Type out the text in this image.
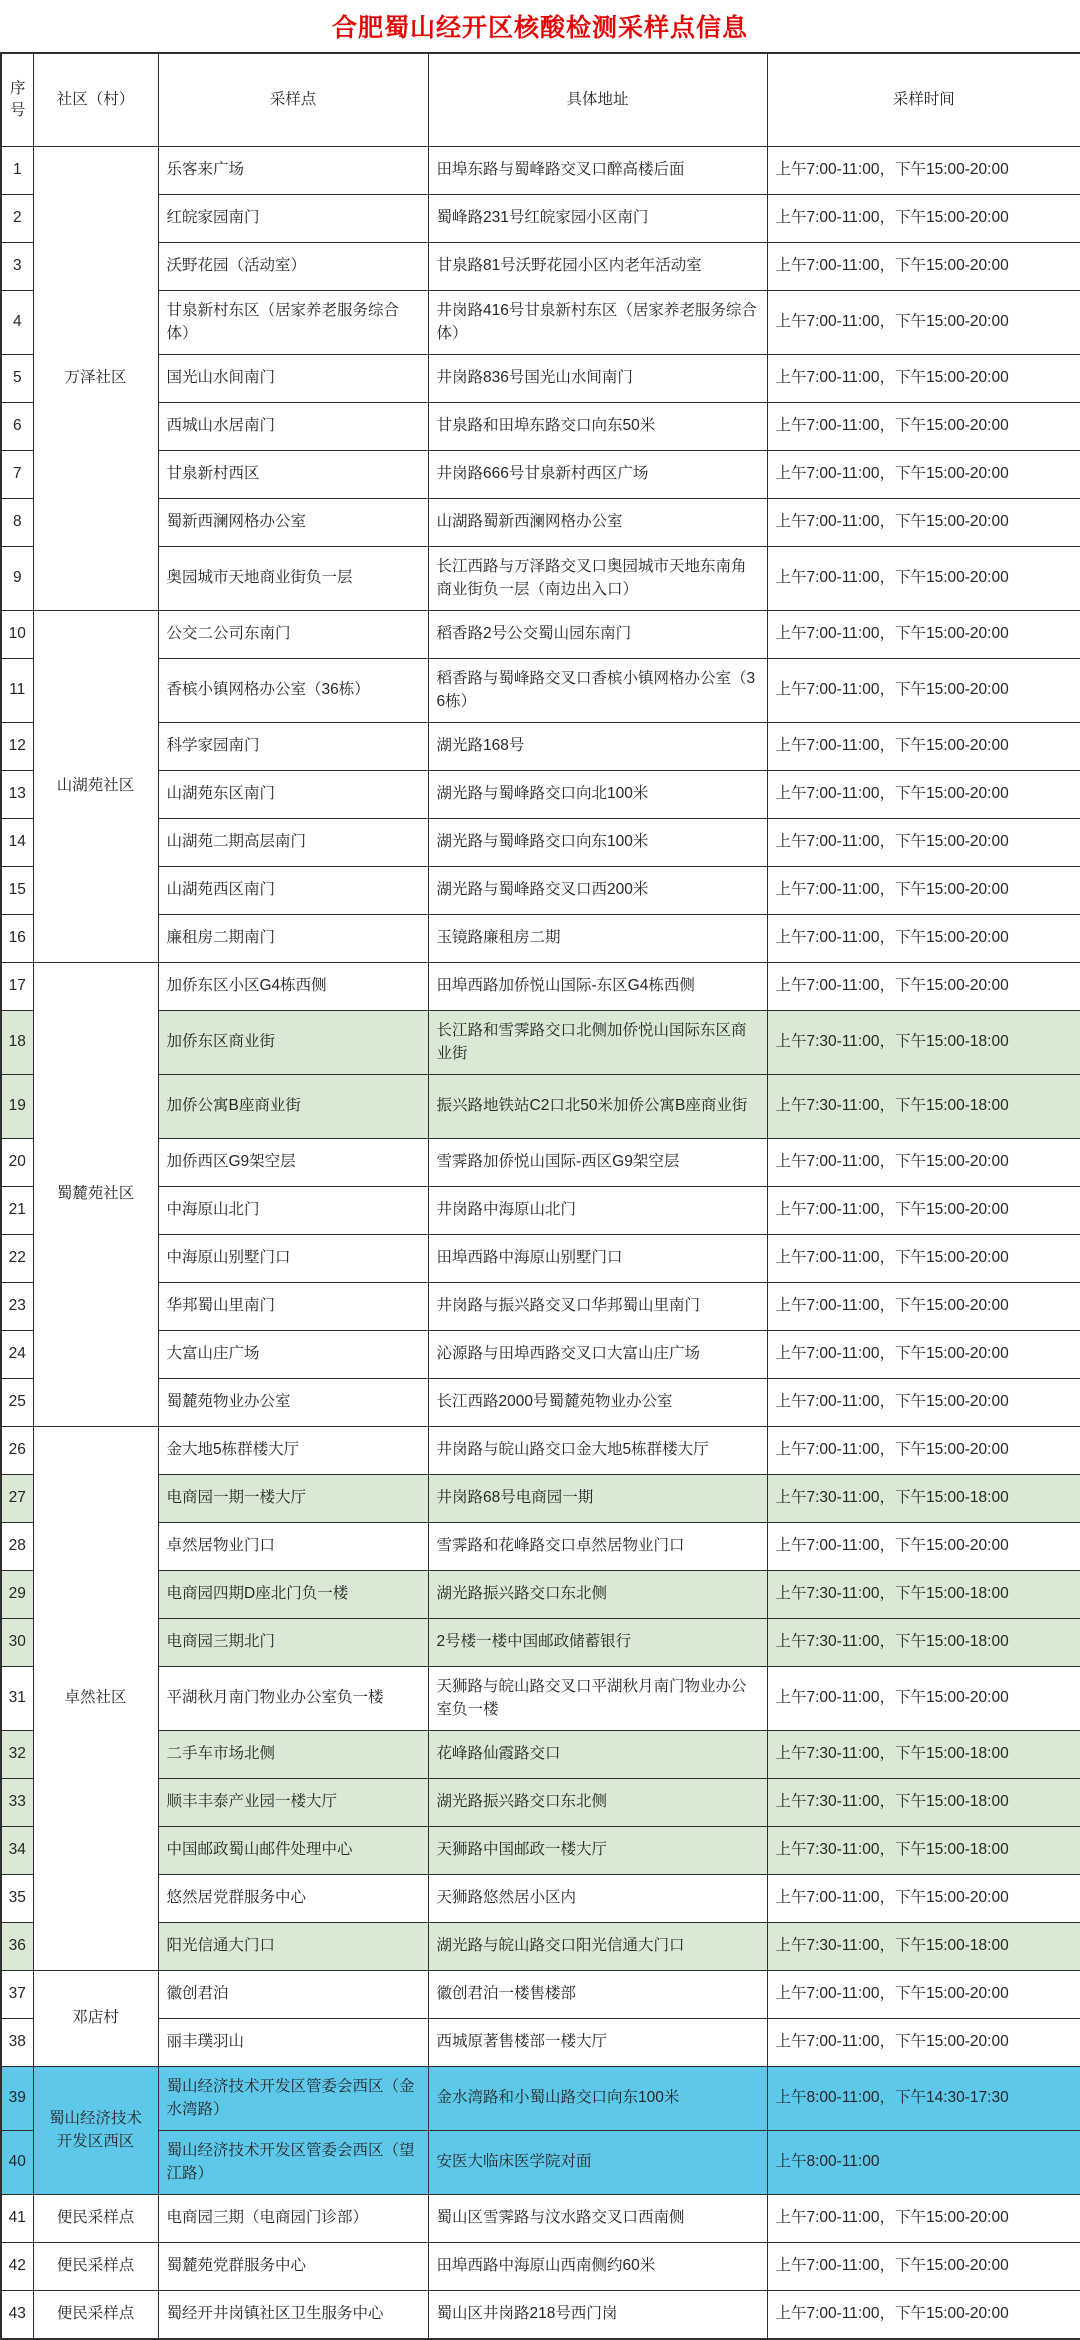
合肥蜀山经开区核酸检测采样点信息
序号	社区（村）	采样点	具体地址	采样时间
1	万泽社区	乐客来广场	田埠东路与蜀峰路交叉口醉高楼后面	上午7:00-11:00，下午15:00-20:00
2		红皖家园南门	蜀峰路231号红皖家园小区南门	上午7:00-11:00，下午15:00-20:00
3		沃野花园（活动室）	甘泉路81号沃野花园小区内老年活动室	上午7:00-11:00，下午15:00-20:00
4		甘泉新村东区（居家养老服务综合体）	井岗路416号甘泉新村东区（居家养老服务综合体）	上午7:00-11:00，下午15:00-20:00
5		国光山水间南门	井岗路836号国光山水间南门	上午7:00-11:00，下午15:00-20:00
6		西城山水居南门	甘泉路和田埠东路交口向东50米	上午7:00-11:00，下午15:00-20:00
7		甘泉新村西区	井岗路666号甘泉新村西区广场	上午7:00-11:00，下午15:00-20:00
8		蜀新西澜网格办公室	山湖路蜀新西澜网格办公室	上午7:00-11:00，下午15:00-20:00
9		奥园城市天地商业街负一层	长江西路与万泽路交叉口奥园城市天地东南角商业街负一层（南边出入口）	上午7:00-11:00，下午15:00-20:00
10	山湖苑社区	公交二公司东南门	稻香路2号公交蜀山园东南门	上午7:00-11:00，下午15:00-20:00
11		香槟小镇网格办公室（36栋）	稻香路与蜀峰路交叉口香槟小镇网格办公室（36栋）	上午7:00-11:00，下午15:00-20:00
12		科学家园南门	湖光路168号	上午7:00-11:00，下午15:00-20:00
13		山湖苑东区南门	湖光路与蜀峰路交口向北100米	上午7:00-11:00，下午15:00-20:00
14		山湖苑二期高层南门	湖光路与蜀峰路交口向东100米	上午7:00-11:00，下午15:00-20:00
15		山湖苑西区南门	湖光路与蜀峰路交叉口西200米	上午7:00-11:00，下午15:00-20:00
16		廉租房二期南门	玉镜路廉租房二期	上午7:00-11:00，下午15:00-20:00
17	蜀麓苑社区	加侨东区小区G4栋西侧	田埠西路加侨悦山国际-东区G4栋西侧	上午7:00-11:00，下午15:00-20:00
18		加侨东区商业街	长江路和雪霁路交口北侧加侨悦山国际东区商业街	上午7:30-11:00，下午15:00-18:00
19		加侨公寓B座商业街	振兴路地铁站C2口北50米加侨公寓B座商业街	上午7:30-11:00，下午15:00-18:00
20		加侨西区G9架空层	雪霁路加侨悦山国际-西区G9架空层	上午7:00-11:00，下午15:00-20:00
21		中海原山北门	井岗路中海原山北门	上午7:00-11:00，下午15:00-20:00
22		中海原山别墅门口	田埠西路中海原山别墅门口	上午7:00-11:00，下午15:00-20:00
23		华邦蜀山里南门	井岗路与振兴路交叉口华邦蜀山里南门	上午7:00-11:00，下午15:00-20:00
24		大富山庄广场	沁源路与田埠西路交叉口大富山庄广场	上午7:00-11:00，下午15:00-20:00
25		蜀麓苑物业办公室	长江西路2000号蜀麓苑物业办公室	上午7:00-11:00，下午15:00-20:00
26	卓然社区	金大地5栋群楼大厅	井岗路与皖山路交口金大地5栋群楼大厅	上午7:00-11:00，下午15:00-20:00
27		电商园一期一楼大厅	井岗路68号电商园一期	上午7:30-11:00，下午15:00-18:00
28		卓然居物业门口	雪霁路和花峰路交口卓然居物业门口	上午7:00-11:00，下午15:00-20:00
29		电商园四期D座北门负一楼	湖光路振兴路交口东北侧	上午7:30-11:00，下午15:00-18:00
30		电商园三期北门	2号楼一楼中国邮政储蓄银行	上午7:30-11:00，下午15:00-18:00
31		平湖秋月南门物业办公室负一楼	天狮路与皖山路交叉口平湖秋月南门物业办公室负一楼	上午7:00-11:00，下午15:00-20:00
32		二手车市场北侧	花峰路仙霞路交口	上午7:30-11:00，下午15:00-18:00
33		顺丰丰泰产业园一楼大厅	湖光路振兴路交口东北侧	上午7:30-11:00，下午15:00-18:00
34		中国邮政蜀山邮件处理中心	天狮路中国邮政一楼大厅	上午7:30-11:00，下午15:00-18:00
35		悠然居党群服务中心	天狮路悠然居小区内	上午7:00-11:00，下午15:00-20:00
36		阳光信通大门口	湖光路与皖山路交口阳光信通大门口	上午7:30-11:00，下午15:00-18:00
37	邓店村	徽创君泊	徽创君泊一楼售楼部	上午7:00-11:00，下午15:00-20:00
38		丽丰璞羽山	西城原著售楼部一楼大厅	上午7:00-11:00，下午15:00-20:00
39	蜀山经济技术开发区西区	蜀山经济技术开发区管委会西区（金水湾路）	金水湾路和小蜀山路交口向东100米	上午8:00-11:00，下午14:30-17:30
40		蜀山经济技术开发区管委会西区（望江路）	安医大临床医学院对面	上午8:00-11:00
41	便民采样点	电商园三期（电商园门诊部）	蜀山区雪霁路与汶水路交叉口西南侧	上午7:00-11:00，下午15:00-20:00
42	便民采样点	蜀麓苑党群服务中心	田埠西路中海原山西南侧约60米	上午7:00-11:00，下午15:00-20:00
43	便民采样点	蜀经开井岗镇社区卫生服务中心	蜀山区井岗路218号西门岗	上午7:00-11:00，下午15:00-20:00
